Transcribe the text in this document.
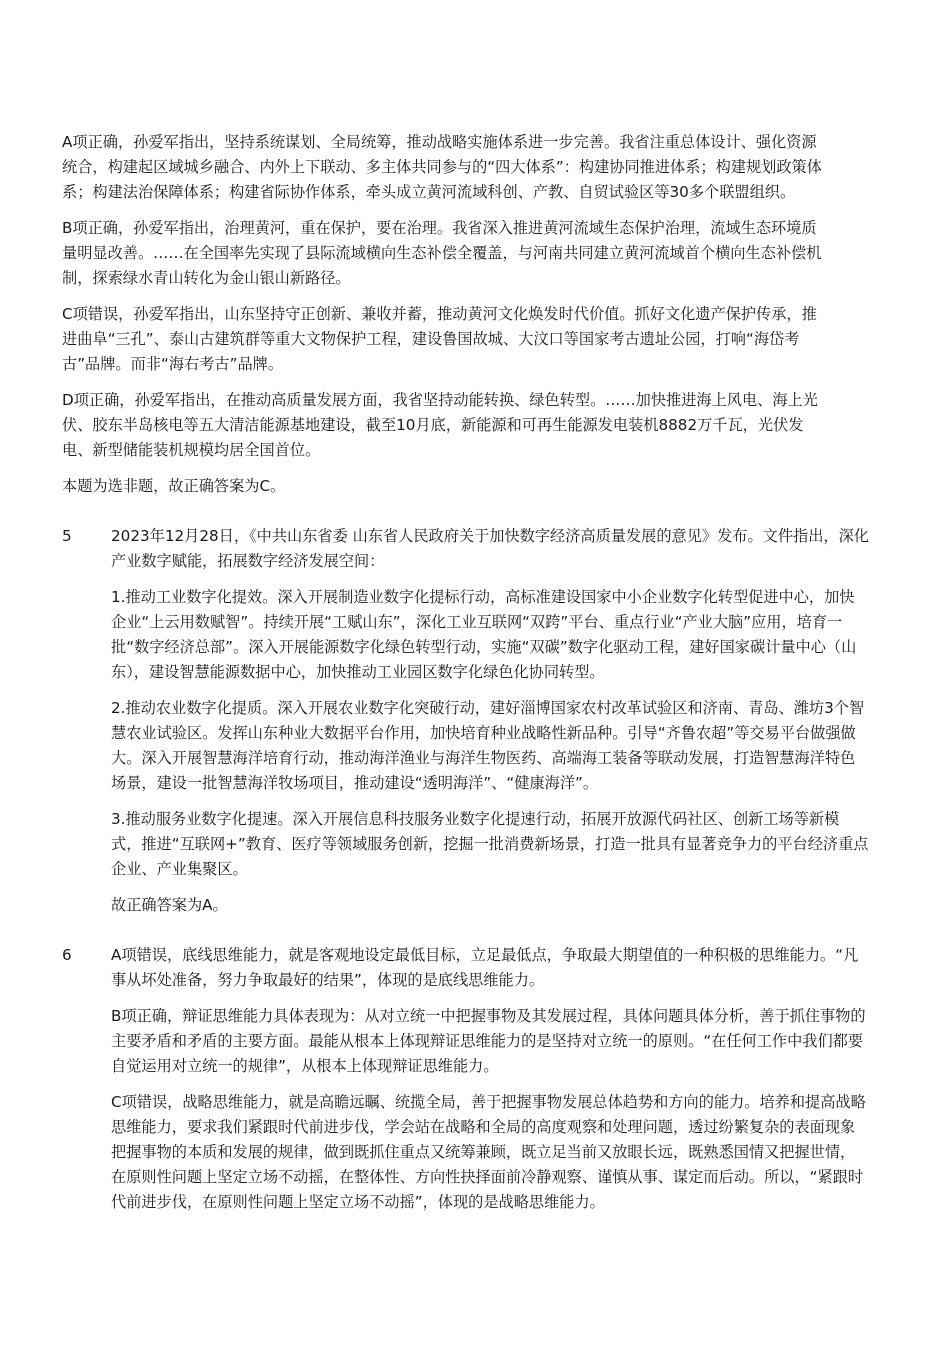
A项正确，孙爱军指出，坚持系统谋划、全局统筹，推动战略实施体系进一步完善。我省注重总体设计、强化资源统合，构建起区域城乡融合、内外上下联动、多主体共同参与的“四大体系”：构建协同推进体系；构建规划政策体系；构建法治保障体系；构建省际协作体系，牵头成立黄河流域科创、产教、自贸试验区等30多个联盟组织。

B项正确，孙爱军指出，治理黄河，重在保护，要在治理。我省深入推进黄河流域生态保护治理，流域生态环境质量明显改善。……在全国率先实现了县际流域横向生态补偿全覆盖，与河南共同建立黄河流域首个横向生态补偿机制，探索绿水青山转化为金山银山新路径。

C项错误，孙爱军指出，山东坚持守正创新、兼收并蓄，推动黄河文化焕发时代价值。抓好文化遗产保护传承，推进曲阜“三孔”、泰山古建筑群等重大文物保护工程，建设鲁国故城、大汶口等国家考古遗址公园，打响“海岱考古”品牌。而非“海右考古”品牌。

D项正确，孙爱军指出，在推动高质量发展方面，我省坚持动能转换、绿色转型。……加快推进海上风电、海上光伏、胶东半岛核电等五大清洁能源基地建设，截至10月底，新能源和可再生能源发电装机8882万千瓦，光伏发电、新型储能装机规模均居全国首位。

本题为选非题，故正确答案为C。

5	2023年12月28日，《中共山东省委 山东省人民政府关于加快数字经济高质量发展的意见》发布。文件指出，深化产业数字赋能，拓展数字经济发展空间：

1.推动工业数字化提效。深入开展制造业数字化提标行动，高标准建设国家中小企业数字化转型促进中心，加快企业“上云用数赋智”。持续开展“工赋山东”，深化工业互联网“双跨”平台、重点行业“产业大脑”应用，培育一批“数字经济总部”。深入开展能源数字化绿色转型行动，实施“双碳”数字化驱动工程，建好国家碳计量中心（山东），建设智慧能源数据中心，加快推动工业园区数字化绿色化协同转型。

2.推动农业数字化提质。深入开展农业数字化突破行动，建好淄博国家农村改革试验区和济南、青岛、潍坊3个智慧农业试验区。发挥山东种业大数据平台作用，加快培育种业战略性新品种。引导“齐鲁农超”等交易平台做强做大。深入开展智慧海洋培育行动，推动海洋渔业与海洋生物医药、高端海工装备等联动发展，打造智慧海洋特色场景，建设一批智慧海洋牧场项目，推动建设“透明海洋”、“健康海洋”。

3.推动服务业数字化提速。深入开展信息科技服务业数字化提速行动，拓展开放源代码社区、创新工场等新模式，推进“互联网+”教育、医疗等领域服务创新，挖掘一批消费新场景，打造一批具有显著竞争力的平台经济重点企业、产业集聚区。

故正确答案为A。

6	A项错误，底线思维能力，就是客观地设定最低目标，立足最低点，争取最大期望值的一种积极的思维能力。“凡事从坏处准备，努力争取最好的结果”，体现的是底线思维能力。

B项正确，辩证思维能力具体表现为：从对立统一中把握事物及其发展过程，具体问题具体分析，善于抓住事物的主要矛盾和矛盾的主要方面。最能从根本上体现辩证思维能力的是坚持对立统一的原则。“在任何工作中我们都要自觉运用对立统一的规律”，从根本上体现辩证思维能力。

C项错误，战略思维能力，就是高瞻远瞩、统揽全局，善于把握事物发展总体趋势和方向的能力。培养和提高战略思维能力，要求我们紧跟时代前进步伐，学会站在战略和全局的高度观察和处理问题，透过纷繁复杂的表面现象把握事物的本质和发展的规律，做到既抓住重点又统筹兼顾，既立足当前又放眼长远，既熟悉国情又把握世情，在原则性问题上坚定立场不动摇，在整体性、方向性抉择面前冷静观察、谨慎从事、谋定而后动。所以，“紧跟时代前进步伐，在原则性问题上坚定立场不动摇”，体现的是战略思维能力。
